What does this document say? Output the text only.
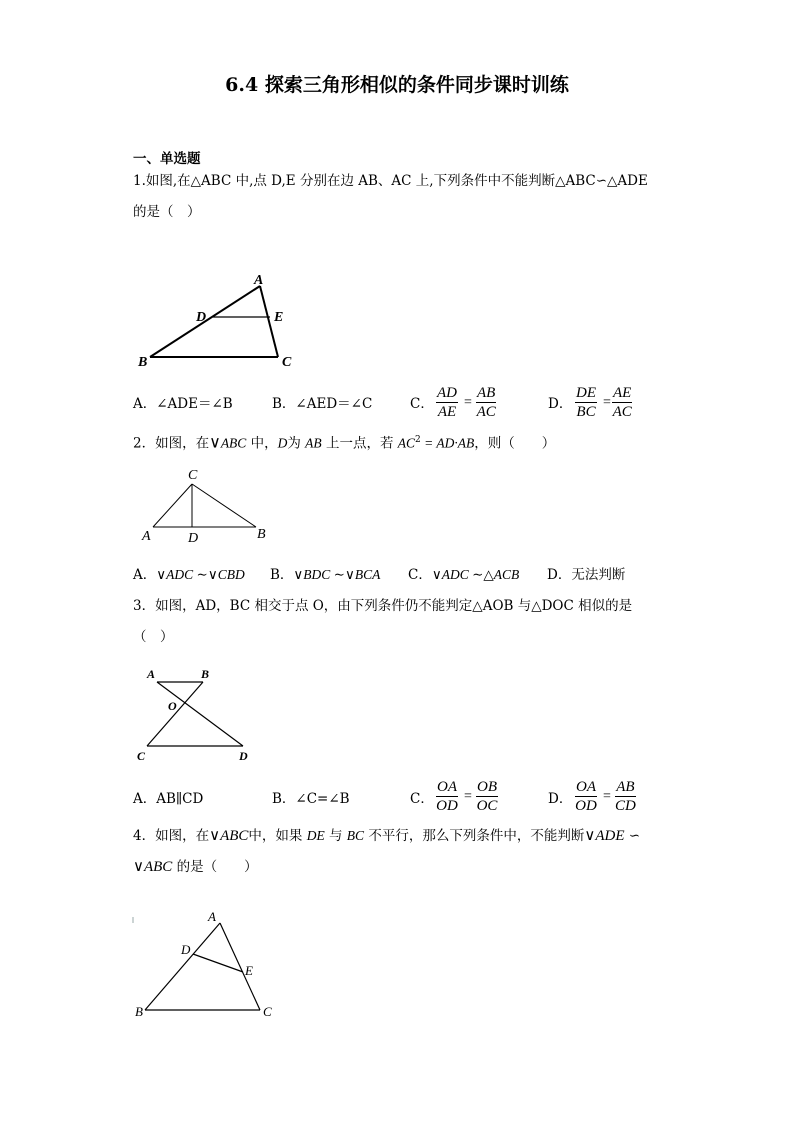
6.4 探索三角形相似的条件同步课时训练
一、单选题
1.如图,在△ABC 中,点 D,E 分别在边 AB、AC 上,下列条件中不能判断△ABC∽△ADE
的是（　）
A
D	E
B	C
A．∠ADE＝∠B	B．∠AED＝∠C	C． $\frac{AD}{AE} = \frac{AB}{AC}$	D． $\frac{DE}{BC} = \frac{AE}{AC}$
2．如图，在∨ABC 中，D为 AB 上一点，若 $AC^2 = AD\cdot AB$，则（　　）
C
A	D	B
A．∨ADC ∼∨CBD B．∨BDC ∼∨BCA C．∨ADC ∼△ACB D．无法判断
3．如图，AD，BC 相交于点 O，由下列条件仍不能判定△AOB 与△DOC 相似的是
（　）
A	B
O
C	D
A．AB∥CD	B．∠C=∠B	C． $\frac{OA}{OD} = \frac{OB}{OC}$	D． $\frac{OA}{OD} = \frac{AB}{CD}$
4．如图，在∨ABC中，如果 DE 与 BC 不平行，那么下列条件中，不能判断∨ADE ∽
∨ABC 的是（　　）
A
D
E
B	C
